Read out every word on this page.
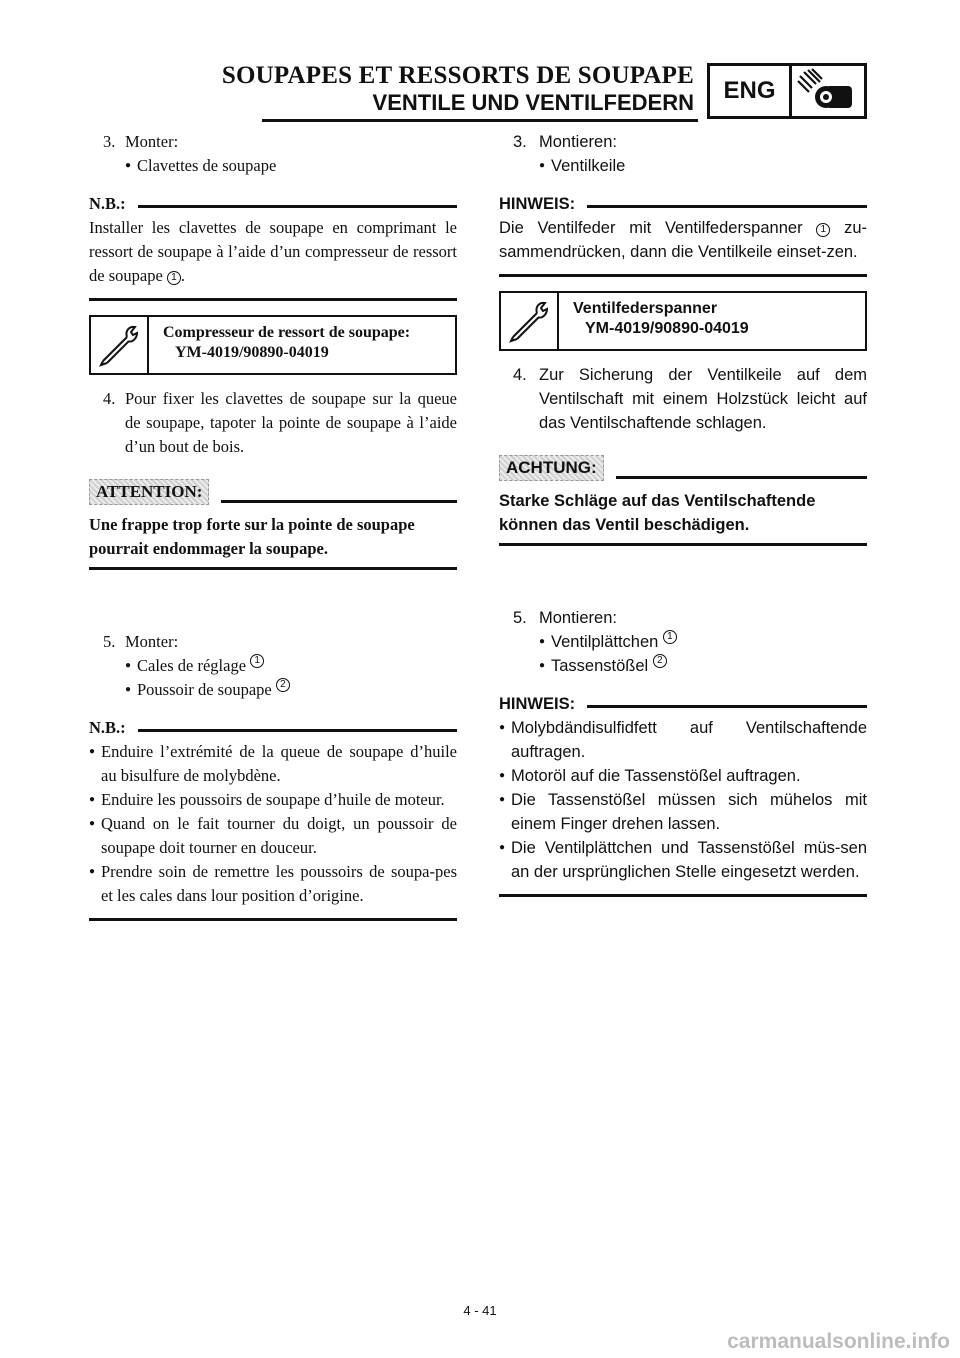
SOUPAPES ET RESSORTS DE SOUPAPE
VENTILE UND VENTILFEDERN	ENG
3. Monter:
● Clavettes de soupape
N.B.:
Installer les clavettes de soupape en comprimant le ressort de soupape à l’aide d’un compresseur de ressort de soupape 1 .
Compresseur de ressort de soupape:
YM-4019/90890-04019
4. Pour fixer les clavettes de soupape sur la queue de soupape, tapoter la pointe de soupape à l’aide d’un bout de bois.
ATTENTION:
Une frappe trop forte sur la pointe de soupape pourrait endommager la soupape.
5. Monter:
● Cales de réglage
1
● Poussoir de soupape
2
N.B.:
● Enduire l’extrémité de la queue de soupape d’huile au bisulfure de molybdène.
● Enduire les poussoirs de soupape d’huile de moteur.
● Quand on le fait tourner du doigt, un poussoir de soupape doit tourner en douceur.
● Prendre soin de remettre les poussoirs de soupa-pes et les cales dans lour position d’origine.
3. Montieren:
● Ventilkeile
HINWEIS:
Die Ventilfeder mit Ventilfederspanner 1 zu-sammendrücken, dann die Ventilkeile einset-zen.
Ventilfederspanner
YM-4019/90890-04019
4. Zur Sicherung der Ventilkeile auf dem Ventilschaft mit einem Holzstück leicht auf das Ventilschaftende schlagen.
ACHTUNG:
Starke Schläge auf das Ventilschaftende können das Ventil beschädigen.
5. Montieren:
● Ventilplättchen
1
● Tassenstößel
2
HINWEIS:
● Molybdändisulfidfett auf Ventilschaftende auftragen.
● Motoröl auf die Tassenstößel auftragen.
● Die Tassenstößel müssen sich mühelos mit einem Finger drehen lassen.
● Die Ventilplättchen und Tassenstößel müs-sen an der ursprünglichen Stelle eingesetzt werden.
4 - 41
carmanualsonline.info
